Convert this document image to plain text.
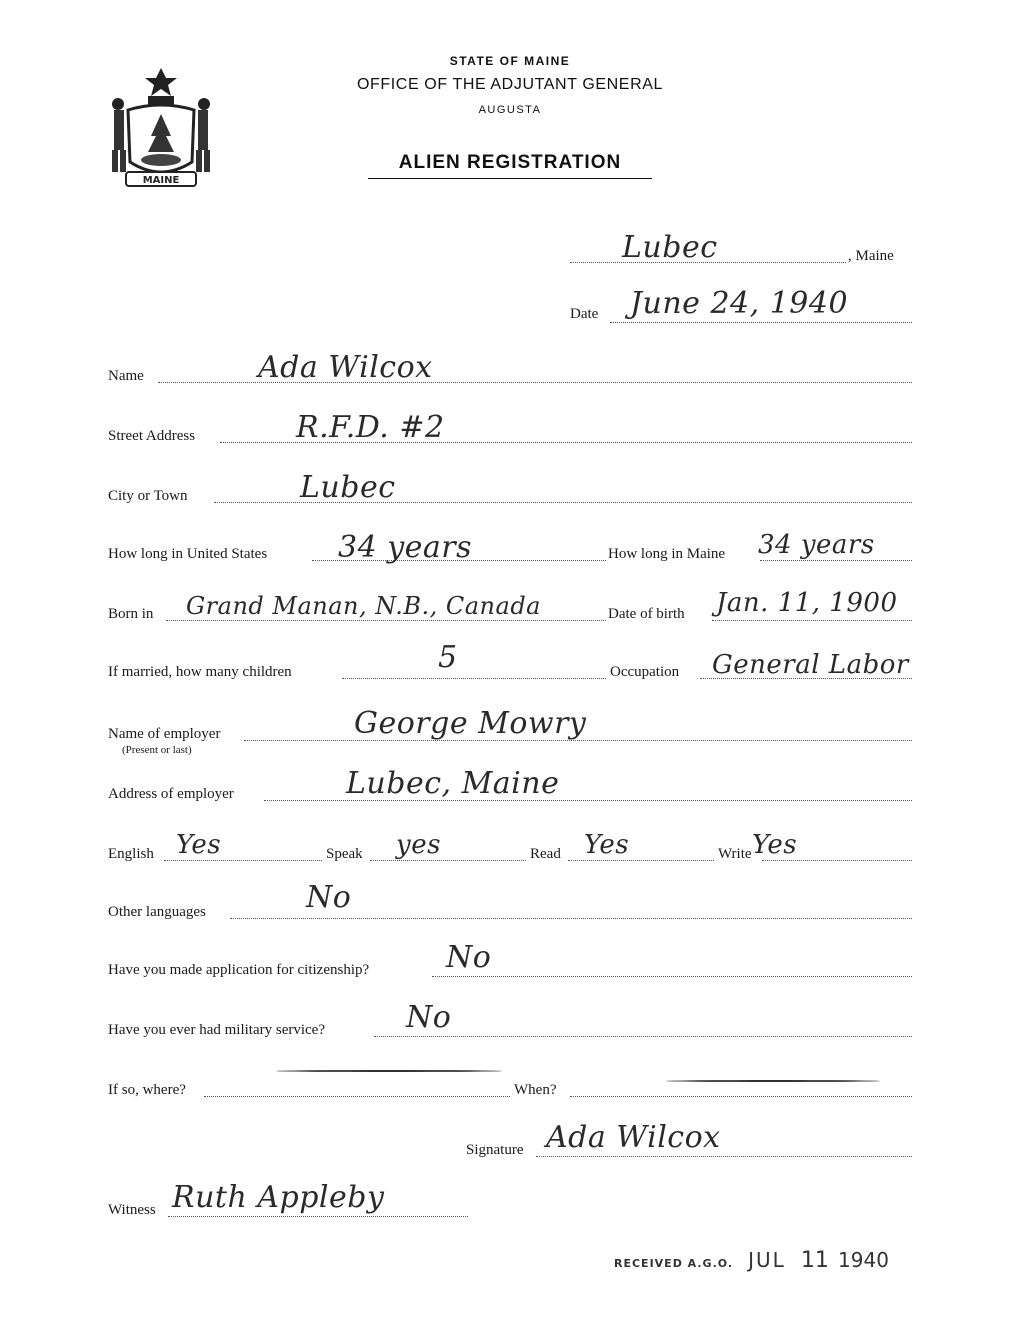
MAINE
STATE OF MAINE
OFFICE OF THE ADJUTANT GENERAL
AUGUSTA
ALIEN REGISTRATION
Lubec	, Maine
Date June 24, 1940
Name	Ada Wilcox
Street Address	R.F.D. #2
City or Town	Lubec
How long in United States 34 years	How long in Maine 34 years
Born in Grand Manan, N.B., Canada	Date of birth Jan. 11, 1900
If married, how many children	5	Occupation General Labor
Name of employer
(Present or last)
George Mowry
Address of employer	Lubec, Maine
English Yes	Speak yes	Read Yes	Write Yes
Other languages	No
Have you made application for citizenship?	No
Have you ever had military service?	No
If so, where?	When?
Signature Ada Wilcox
Witness Ruth Appleby
RECEIVED A.G.O. JUL 11 1940
